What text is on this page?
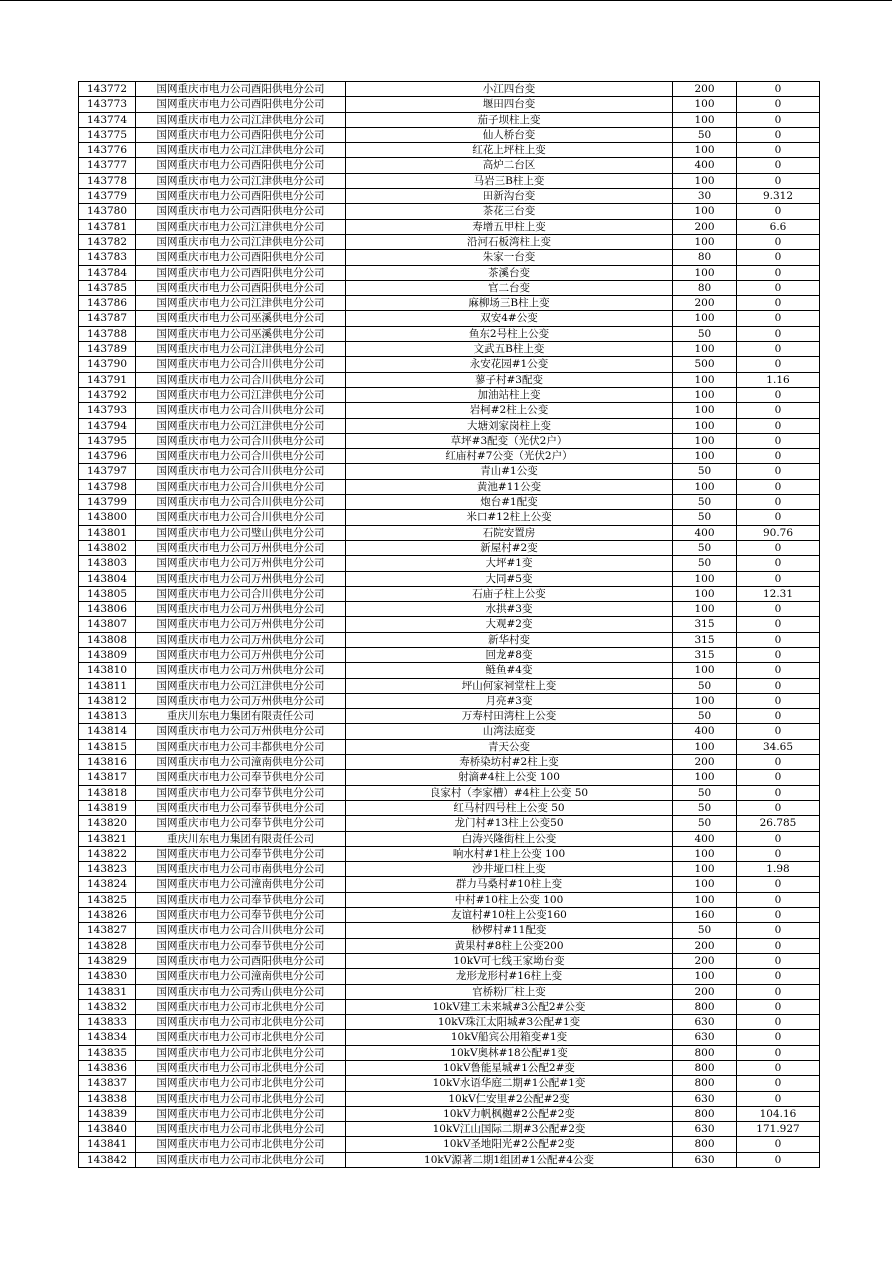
143772	国网重庆市电力公司酉阳供电分公司	小江四台变	200	0
143773	国网重庆市电力公司酉阳供电分公司	堰田四台变	100	0
143774	国网重庆市电力公司江津供电分公司	茄子坝柱上变	100	0
143775	国网重庆市电力公司酉阳供电分公司	仙人桥台变	50	0
143776	国网重庆市电力公司江津供电分公司	红花上坪柱上变	100	0
143777	国网重庆市电力公司酉阳供电分公司	高炉二台区	400	0
143778	国网重庆市电力公司江津供电分公司	马岩三B柱上变	100	0
143779	国网重庆市电力公司酉阳供电分公司	田新沟台变	30	9.312
143780	国网重庆市电力公司酉阳供电分公司	茶花三台变	100	0
143781	国网重庆市电力公司江津供电分公司	寿增五甲柱上变	200	6.6
143782	国网重庆市电力公司江津供电分公司	沿河石板湾柱上变	100	0
143783	国网重庆市电力公司酉阳供电分公司	朱家一台变	80	0
143784	国网重庆市电力公司酉阳供电分公司	茶溪台变	100	0
143785	国网重庆市电力公司酉阳供电分公司	官二台变	80	0
143786	国网重庆市电力公司江津供电分公司	麻柳场三B柱上变	200	0
143787	国网重庆市电力公司巫溪供电分公司	双安4#公变	100	0
143788	国网重庆市电力公司巫溪供电分公司	鱼东2号柱上公变	50	0
143789	国网重庆市电力公司江津供电分公司	文武五B柱上变	100	0
143790	国网重庆市电力公司合川供电分公司	永安花园#1公变	500	0
143791	国网重庆市电力公司合川供电分公司	蓼子村#3配变	100	1.16
143792	国网重庆市电力公司江津供电分公司	加油站柱上变	100	0
143793	国网重庆市电力公司合川供电分公司	岩柯#2柱上公变	100	0
143794	国网重庆市电力公司江津供电分公司	大塘刘家岗柱上变	100	0
143795	国网重庆市电力公司合川供电分公司	草坪#3配变（光伏2户）	100	0
143796	国网重庆市电力公司合川供电分公司	红庙村#7公变（光伏2户）	100	0
143797	国网重庆市电力公司合川供电分公司	青山#1公变	50	0
143798	国网重庆市电力公司合川供电分公司	黄池#11公变	100	0
143799	国网重庆市电力公司合川供电分公司	炮台#1配变	50	0
143800	国网重庆市电力公司合川供电分公司	米口#12柱上公变	50	0
143801	国网重庆市电力公司璧山供电分公司	石院安置房	400	90.76
143802	国网重庆市电力公司万州供电分公司	新屋村#2变	50	0
143803	国网重庆市电力公司万州供电分公司	大坪#1变	50	0
143804	国网重庆市电力公司万州供电分公司	大同#5变	100	0
143805	国网重庆市电力公司合川供电分公司	石庙子柱上公变	100	12.31
143806	国网重庆市电力公司万州供电分公司	水拱#3变	100	0
143807	国网重庆市电力公司万州供电分公司	大观#2变	315	0
143808	国网重庆市电力公司万州供电分公司	新华村变	315	0
143809	国网重庆市电力公司万州供电分公司	回龙#8变	315	0
143810	国网重庆市电力公司万州供电分公司	鲢鱼#4变	100	0
143811	国网重庆市电力公司江津供电分公司	坪山何家祠堂柱上变	50	0
143812	国网重庆市电力公司万州供电分公司	月亮#3变	100	0
143813	重庆川东电力集团有限责任公司	万寿村田湾柱上公变	50	0
143814	国网重庆市电力公司万州供电分公司	山湾法庭变	400	0
143815	国网重庆市电力公司丰都供电分公司	青天公变	100	34.65
143816	国网重庆市电力公司潼南供电分公司	寿桥染坊村#2柱上变	200	0
143817	国网重庆市电力公司奉节供电分公司	射滴#4柱上公变 100	100	0
143818	国网重庆市电力公司奉节供电分公司	良家村（李家槽）#4柱上公变 50	50	0
143819	国网重庆市电力公司奉节供电分公司	红马村四号柱上公变 50	50	0
143820	国网重庆市电力公司奉节供电分公司	龙门村#13柱上公变50	50	26.785
143821	重庆川东电力集团有限责任公司	白涛兴隆街柱上公变	400	0
143822	国网重庆市电力公司奉节供电分公司	响水村#1柱上公变 100	100	0
143823	国网重庆市电力公司市南供电分公司	沙井垭口柱上变	100	1.98
143824	国网重庆市电力公司潼南供电分公司	群力马桑村#10柱上变	100	0
143825	国网重庆市电力公司奉节供电分公司	中村#10柱上公变 100	100	0
143826	国网重庆市电力公司奉节供电分公司	友谊村#10柱上公变160	160	0
143827	国网重庆市电力公司合川供电分公司	桫椤村#11配变	50	0
143828	国网重庆市电力公司奉节供电分公司	黄果村#8柱上公变200	200	0
143829	国网重庆市电力公司酉阳供电分公司	10kV可七线王家坳台变	200	0
143830	国网重庆市电力公司潼南供电分公司	龙形龙形村#16柱上变	100	0
143831	国网重庆市电力公司秀山供电分公司	官桥粉厂柱上变	200	0
143832	国网重庆市电力公司市北供电分公司	10kV建工未来城#3公配2#公变	800	0
143833	国网重庆市电力公司市北供电分公司	10kV珠江太阳城#3公配#1变	630	0
143834	国网重庆市电力公司市北供电分公司	10kV船宾公用箱变#1变	630	0
143835	国网重庆市电力公司市北供电分公司	10kV奥林#18公配#1变	800	0
143836	国网重庆市电力公司市北供电分公司	10kV鲁能星城#1公配2#变	800	0
143837	国网重庆市电力公司市北供电分公司	10kV水语华庭二期#1公配#1变	800	0
143838	国网重庆市电力公司市北供电分公司	10kV仁安里#2公配#2变	630	0
143839	国网重庆市电力公司市北供电分公司	10kV力帆枫樾#2公配#2变	800	104.16
143840	国网重庆市电力公司市北供电分公司	10kV江山国际二期#3公配#2变	630	171.927
143841	国网重庆市电力公司市北供电分公司	10kV圣地阳光#2公配#2变	800	0
143842	国网重庆市电力公司市北供电分公司	10kV源著二期1组团#1公配#4公变	630	0
